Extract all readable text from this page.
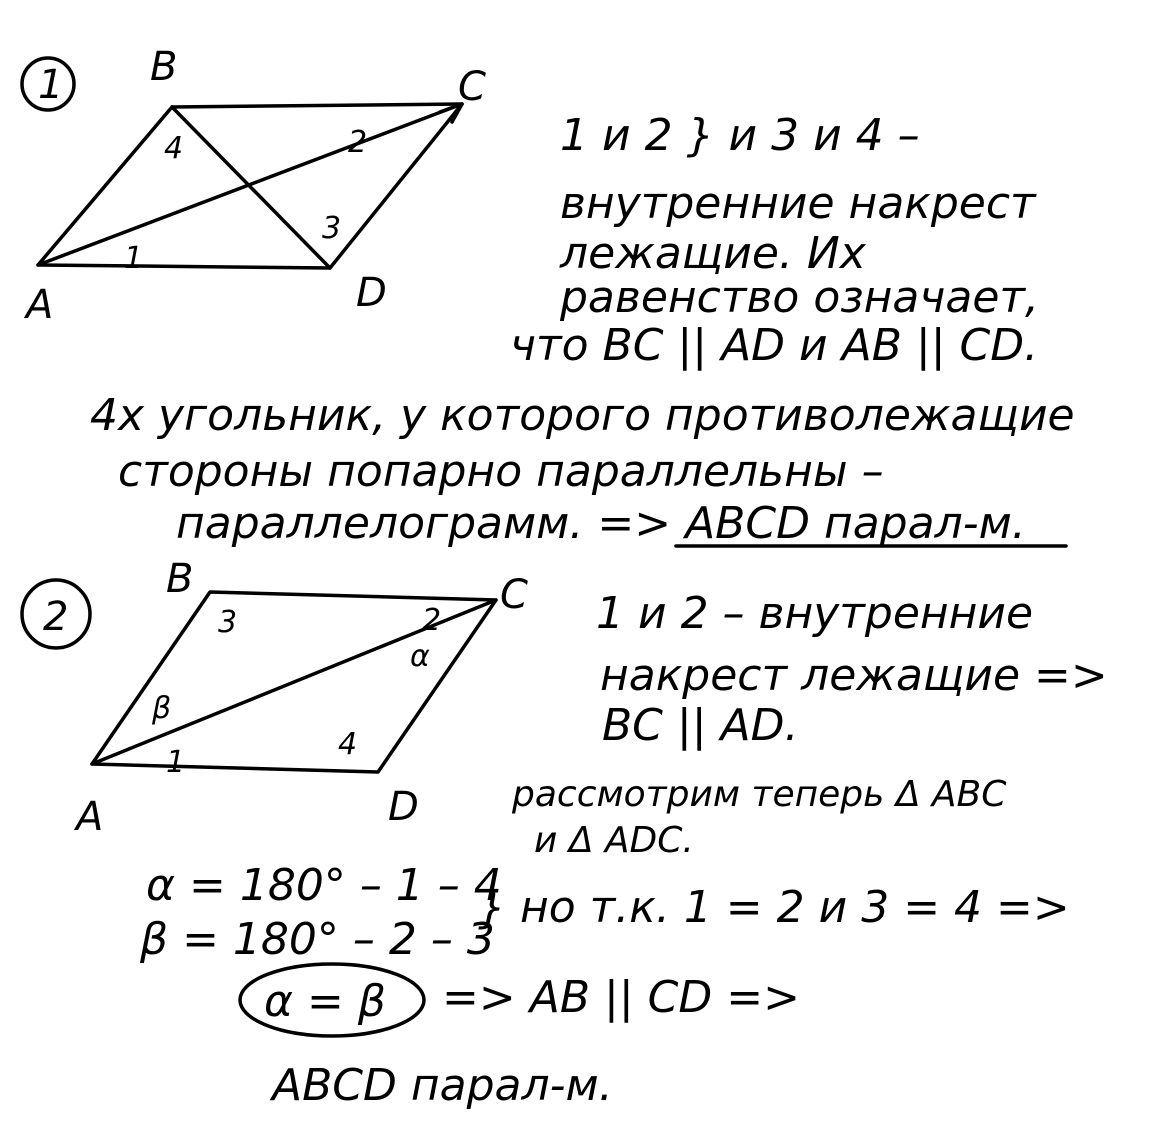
1 B	C
A	D
1
2
3
4	1 и 2 } и 3 и 4 –
внутренние накрест
лежащие. Их
равенство означает,
что BC || AD и AB || CD.
4х угольник, у которого противолежащие
стороны попарно параллельны –
параллелограмм. => ABCD парал-м.
2
B	C
A	D
3	2
α
β
1
4
1 и 2 – внутренние
накрест лежащие =>
BC || AD.
рассмотрим теперь Δ ABC
и Δ ADC.
α = 180° – 1 – 4
β = 180° – 2 – 3
} но т.к. 1 = 2 и 3 = 4 =>
α = β => AB || CD =>
ABCD парал-м.
